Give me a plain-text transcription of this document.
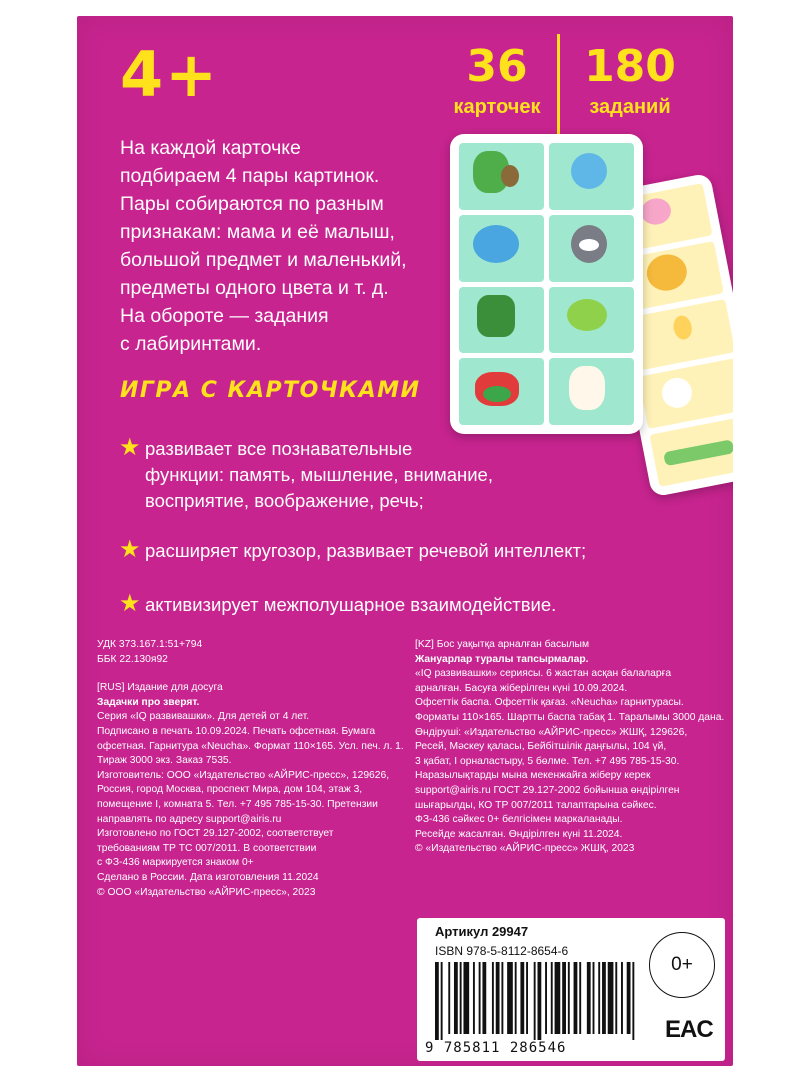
4+	36
карточек
180
заданий
На каждой карточке
подбираем 4 пары картинок.
Пары собираются по разным
признакам: мама и её малыш,
большой предмет и маленький,
предметы одного цвета и т. д.
На обороте — задания
с лабиринтами.
ИГРА С КАРТОЧКАМИ
★ развивает все познавательные
функции: память, мышление, внимание,
восприятие, воображение, речь;
★ расширяет кругозор, развивает речевой интеллект;
★ активизирует межполушарное взаимодействие.
УДК 373.167.1:51+794
ББК 22.130я92
[RUS] Издание для досуга
Задачки про зверят.
Серия «IQ развивашки». Для детей от 4 лет.
Подписано в печать 10.09.2024. Печать офсетная. Бумага
офсетная. Гарнитура «Neucha». Формат 110×165. Усл. печ. л. 1.
Тираж 3000 экз. Заказ 7535.
Изготовитель: ООО «Издательство «АЙРИС-пресс», 129626,
Россия, город Москва, проспект Мира, дом 104, этаж 3,
помещение I, комната 5. Тел. +7 495 785-15-30. Претензии
направлять по адресу support@airis.ru
Изготовлено по ГОСТ 29.127-2002, соответствует
требованиям ТР ТС 007/2011. В соответствии
с ФЗ-436 маркируется знаком 0+
Сделано в России. Дата изготовления 11.2024
© ООО «Издательство «АЙРИС-пресс», 2023
[KZ] Бос уақытқа арналған басылым
Жануарлар туралы тапсырмалар.
«IQ развивашки» сериясы. 6 жастан асқан балаларға
арналған. Басуға жіберілген күні 10.09.2024.
Офсеттік баспа. Офсеттік қағаз. «Neucha» гарнитурасы.
Форматы 110×165. Шартты баспа табақ 1. Таралымы 3000 дана.
Өндіруші: «Издательство «АЙРИС-пресс» ЖШҚ, 129626,
Ресей, Мәскеу қаласы, Бейбітшілік даңғылы, 104 үй,
3 қабат, I орналастыру, 5 бөлме. Тел. +7 495 785-15-30.
Наразылықтарды мына мекенжайға жіберу керек
support@airis.ru ГОСТ 29.127-2002 бойынша өндірілген
шығарылды, КО ТР 007/2011 талаптарына сәйкес.
ФЗ-436 сәйкес 0+ белгісімен маркаланады.
Ресейде жасалған. Өндірілген күні 11.2024.
© «Издательство «АЙРИС-пресс» ЖШҚ, 2023
Артикул 29947
ISBN 978-5-8112-8654-6
9 785811 286546
0+
EAC
